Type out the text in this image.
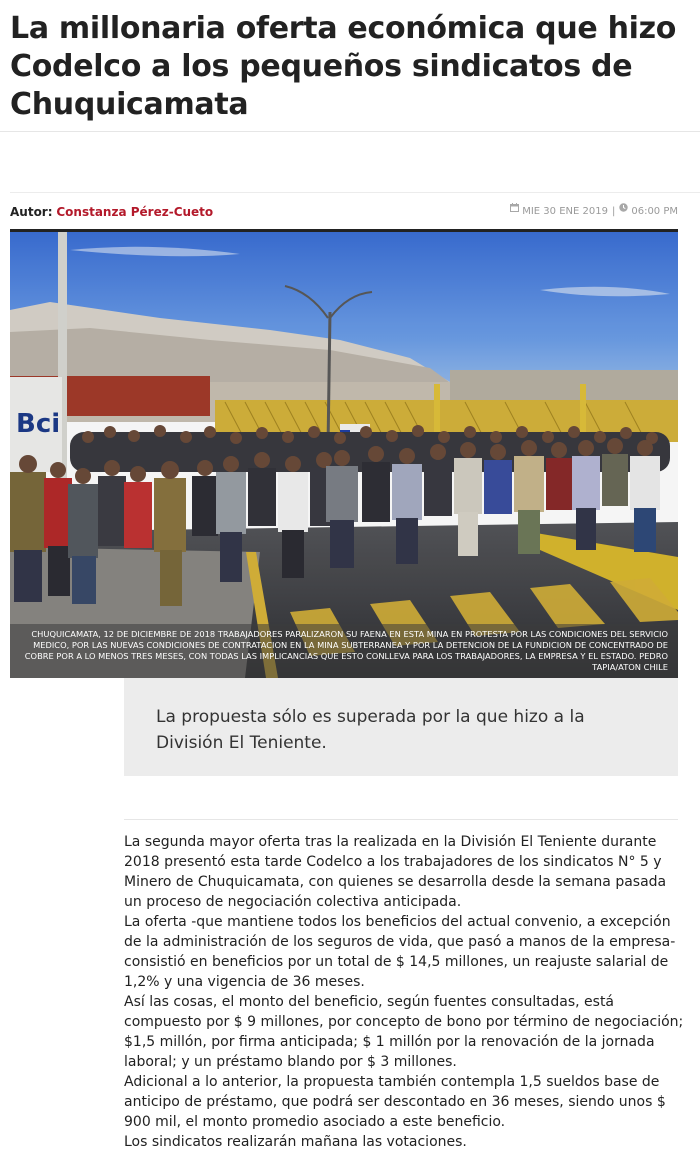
La millonaria oferta económica que hizo Codelco a los pequeños sindicatos de Chuquicamata
Autor: Constanza Pérez-Cueto	MIE 30 ENE 2019 | 06:00 PM
Bci
CHUQUICAMATA, 12 DE DICIEMBRE DE 2018 TRABAJADORES PARALIZARON SU FAENA EN ESTA MINA EN PROTESTA POR LAS CONDICIONES DEL SERVICIO MEDICO, POR LAS NUEVAS CONDICIONES DE CONTRATACION EN LA MINA SUBTERRANEA Y POR LA DETENCION DE LA FUNDICION DE CONCENTRADO DE COBRE POR A LO MENOS TRES MESES, CON TODAS LAS IMPLICANCIAS QUE ESTO CONLLEVA PARA LOS TRABAJADORES, LA EMPRESA Y EL ESTADO. PEDRO TAPIA/ATON CHILE
La propuesta sólo es superada por la que hizo a la División El Teniente.

La segunda mayor oferta tras la realizada en la División El Teniente durante 2018 presentó esta tarde Codelco a los trabajadores de los sindicatos N° 5 y Minero de Chuquicamata, con quienes se desarrolla desde la semana pasada un proceso de negociación colectiva anticipada.

La oferta -que mantiene todos los beneficios del actual convenio, a excepción de la administración de los seguros de vida, que pasó a manos de la empresa- consistió en beneficios por un total de $ 14,5 millones, un reajuste salarial de 1,2% y una vigencia de 36 meses.

Así las cosas, el monto del beneficio, según fuentes consultadas, está compuesto por $ 9 millones, por concepto de bono por término de negociación; $1,5 millón, por firma anticipada; $ 1 millón por la renovación de la jornada laboral; y un préstamo blando por $ 3 millones.

Adicional a lo anterior, la propuesta también contempla 1,5 sueldos base de anticipo de préstamo, que podrá ser descontado en 36 meses, siendo unos $ 900 mil, el monto promedio asociado a este beneficio.

Los sindicatos realizarán mañana las votaciones.
